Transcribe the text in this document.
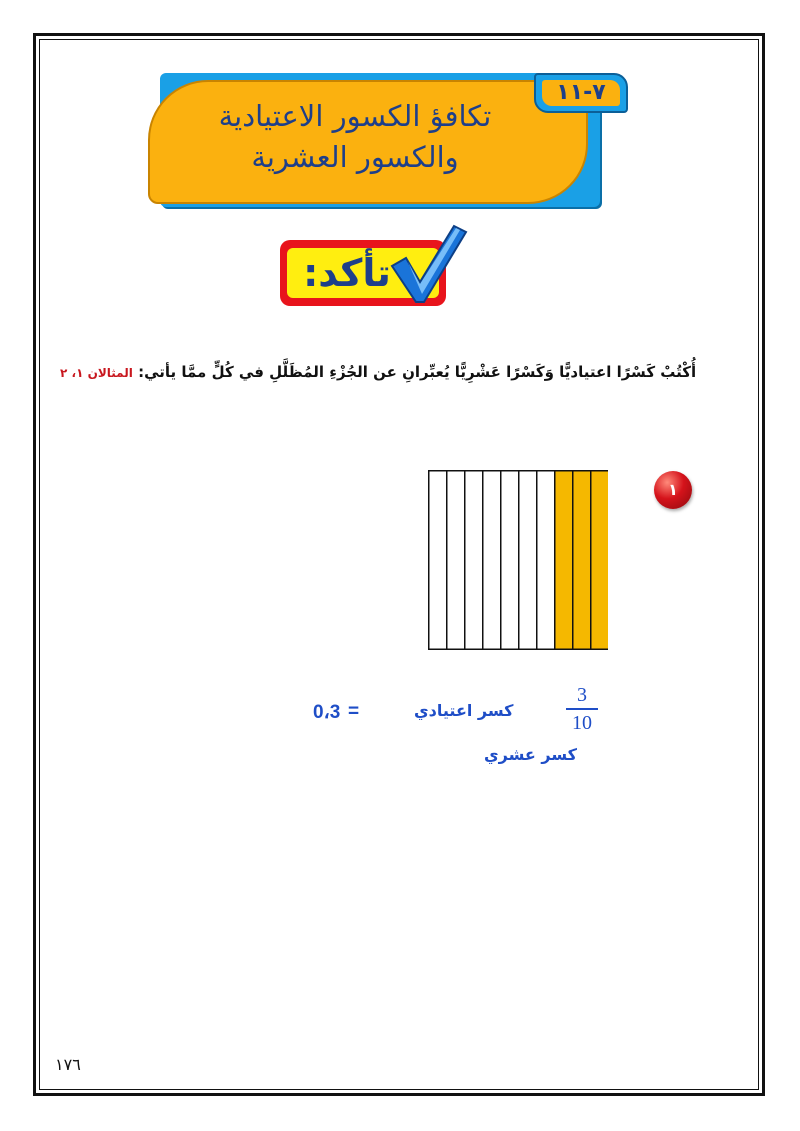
تكافؤ الكسور الاعتيادية
والكسور العشرية
٧-١١
تأكد:
أُكْتُبْ كَسْرًا اعتياديًّا وَكَسْرًا عَشْرِيًّا يُعبِّرانِ عن الجُزْءِ المُظَلَّلِ في كُلٍّ ممَّا يأتي: المثالان ١، ٢
١
3
10
كسر اعتيادي
=
0،3
كسر عشري
١٧٦
